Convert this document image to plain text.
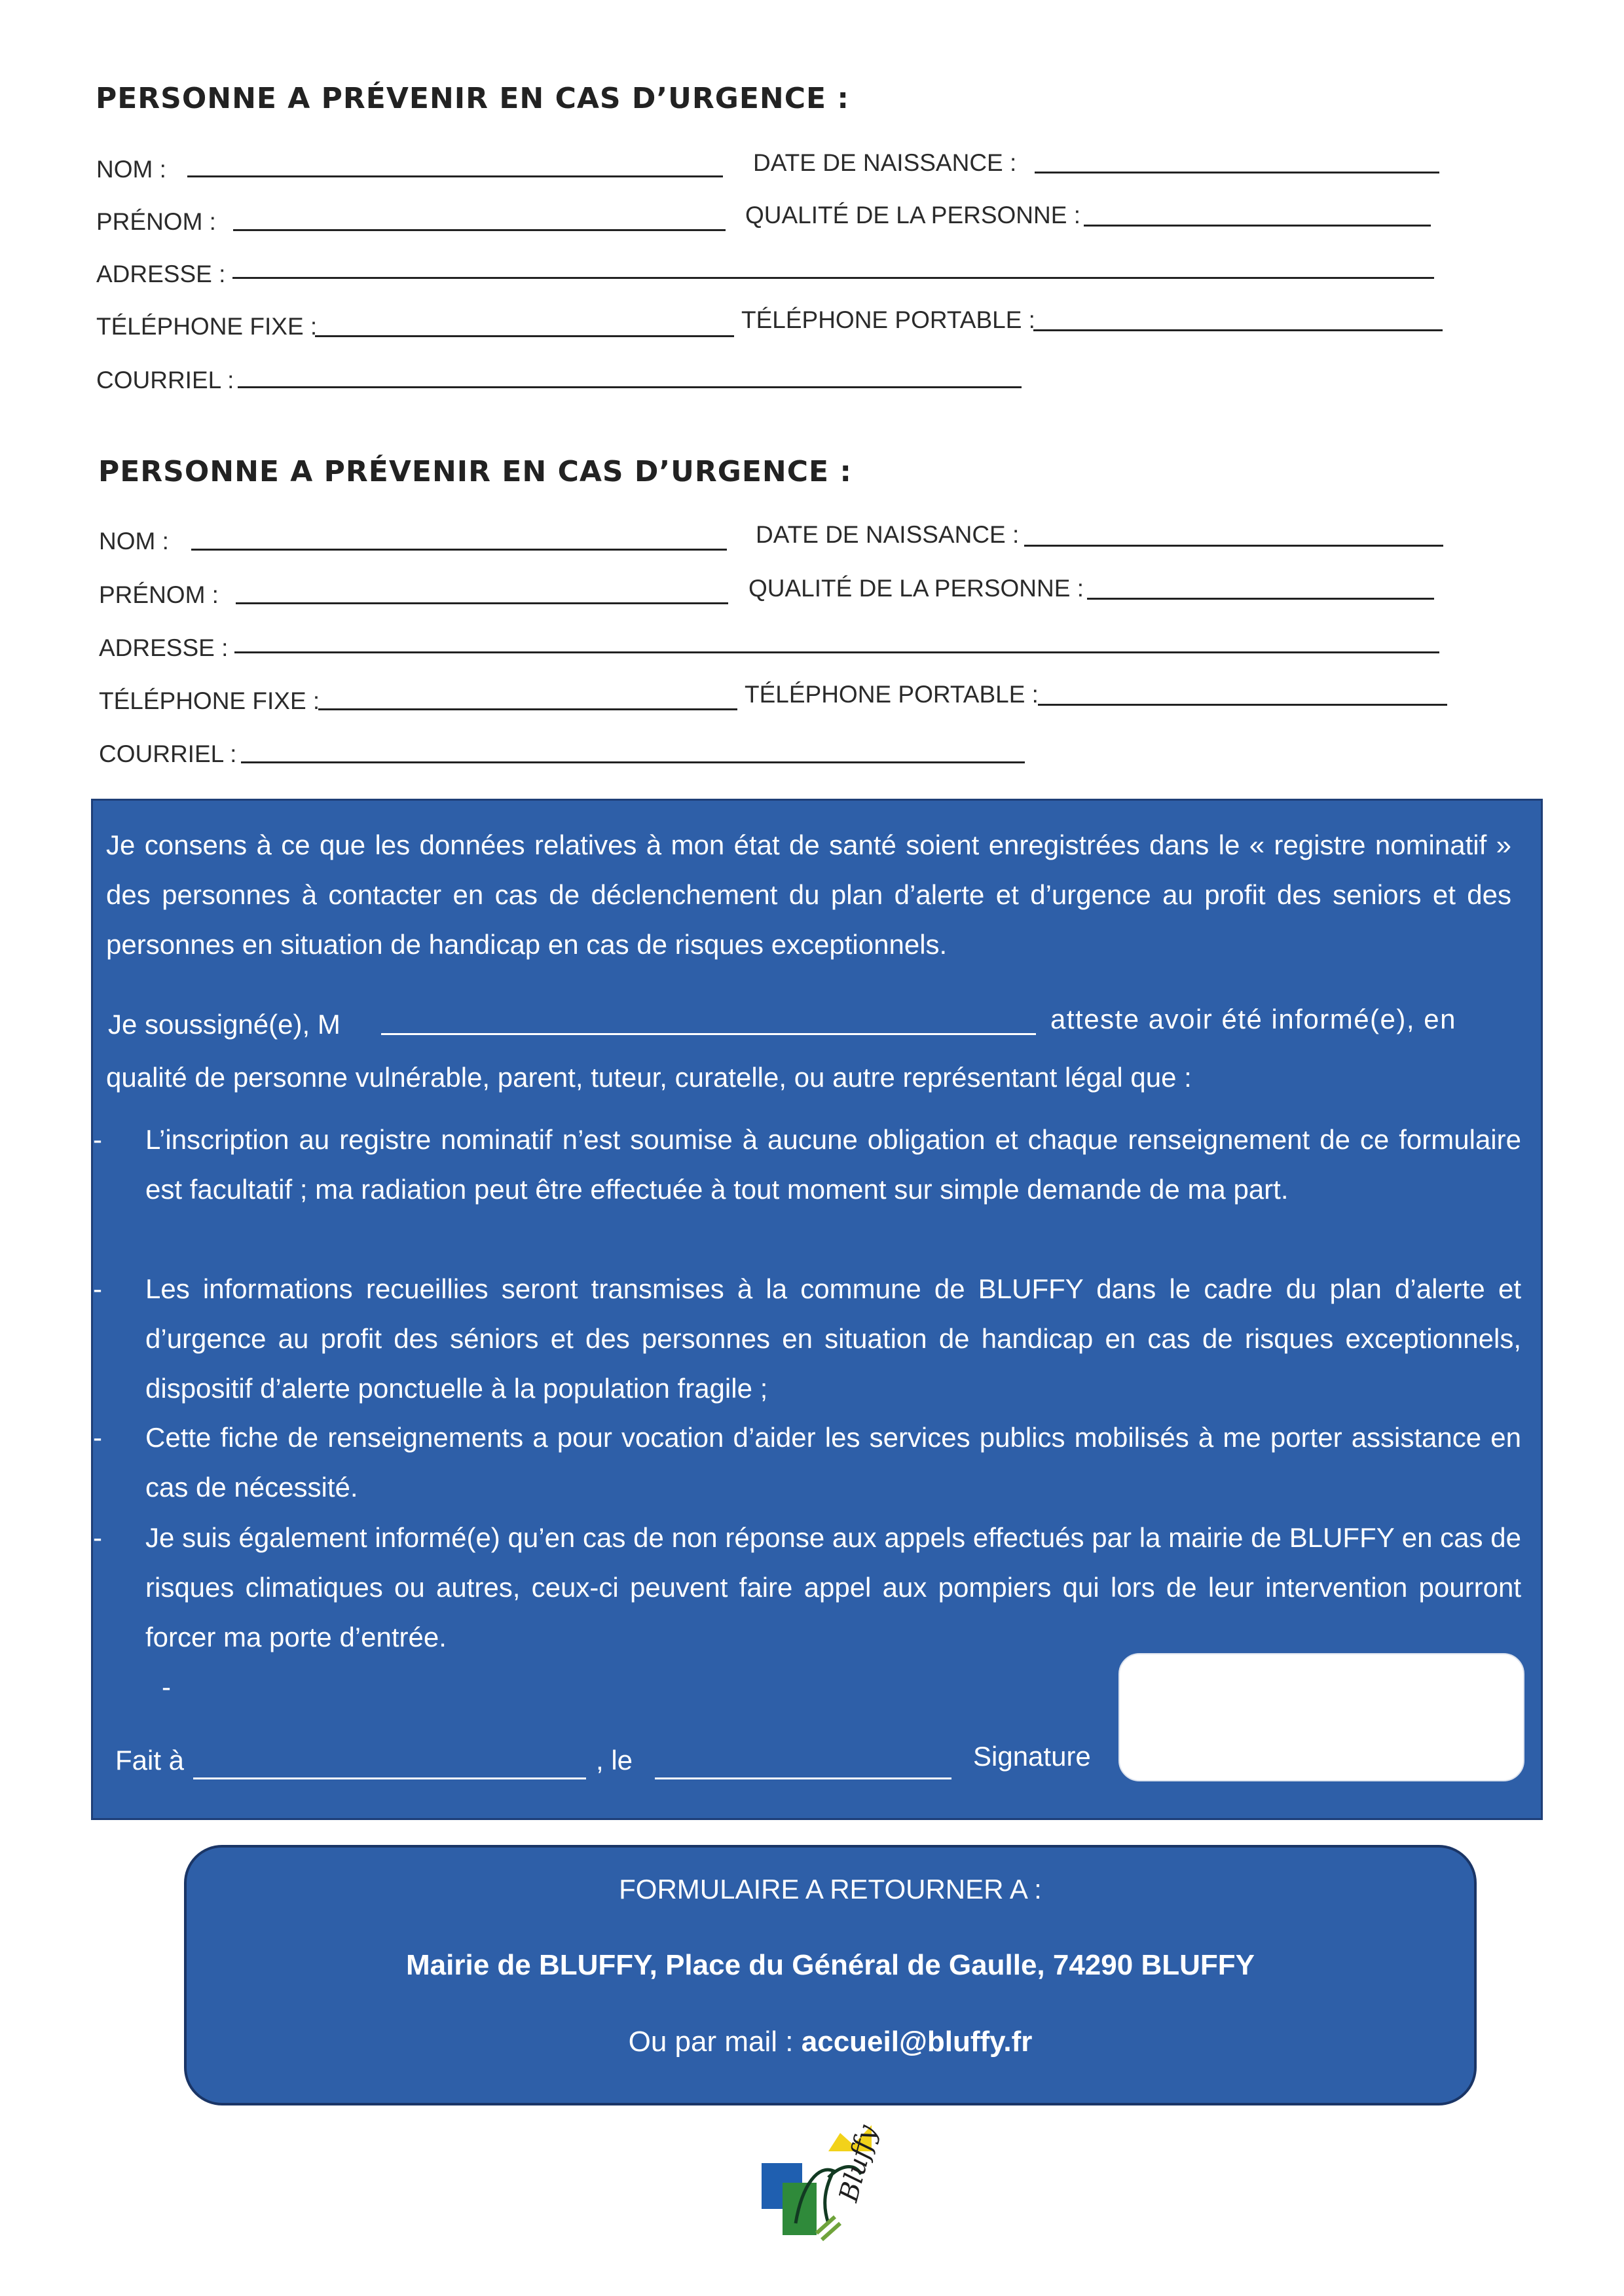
PERSONNE A PRÉVENIR EN CAS D’URGENCE :
NOM :	DATE DE NAISSANCE :
PRÉNOM :	QUALITÉ DE LA PERSONNE :
ADRESSE :
TÉLÉPHONE FIXE :	TÉLÉPHONE PORTABLE :
COURRIEL :
PERSONNE A PRÉVENIR EN CAS D’URGENCE :
NOM :	DATE DE NAISSANCE :
PRÉNOM :	QUALITÉ DE LA PERSONNE :
ADRESSE :
TÉLÉPHONE FIXE :	TÉLÉPHONE PORTABLE :
COURRIEL :

Je consens à ce que les données relatives à mon état de santé soient enregistrées dans le « registre nominatif » des personnes à contacter en cas de déclenchement du plan d’alerte et d’urgence au profit des seniors et des personnes en situation de handicap en cas de risques exceptionnels.

Je soussigné(e), M	atteste avoir été informé(e), en

qualité de personne vulnérable, parent, tuteur, curatelle, ou autre représentant légal que :

-	L’inscription au registre nominatif n’est soumise à aucune obligation et chaque renseignement de ce formulaire est facultatif ; ma radiation peut être effectuée à tout moment sur simple demande de ma part.
-	Les informations recueillies seront transmises à la commune de BLUFFY dans le cadre du plan d’alerte et d’urgence au profit des séniors et des personnes en situation de handicap en cas de risques exceptionnels, dispositif d’alerte ponctuelle à la population fragile ;
-	Cette fiche de renseignements a pour vocation d’aider les services publics mobilisés à me porter assistance en cas de nécessité.
-	Je suis également informé(e) qu’en cas de non réponse aux appels effectués par la mairie de BLUFFY en cas de risques climatiques ou autres, ceux-ci peuvent faire appel aux pompiers qui lors de leur intervention pourront forcer ma porte d’entrée.
-
Fait à	, le	Signature
FORMULAIRE A RETOURNER A :
Mairie de BLUFFY, Place du Général de Gaulle, 74290 BLUFFY
Ou par mail : accueil@bluffy.fr
Bluffy
